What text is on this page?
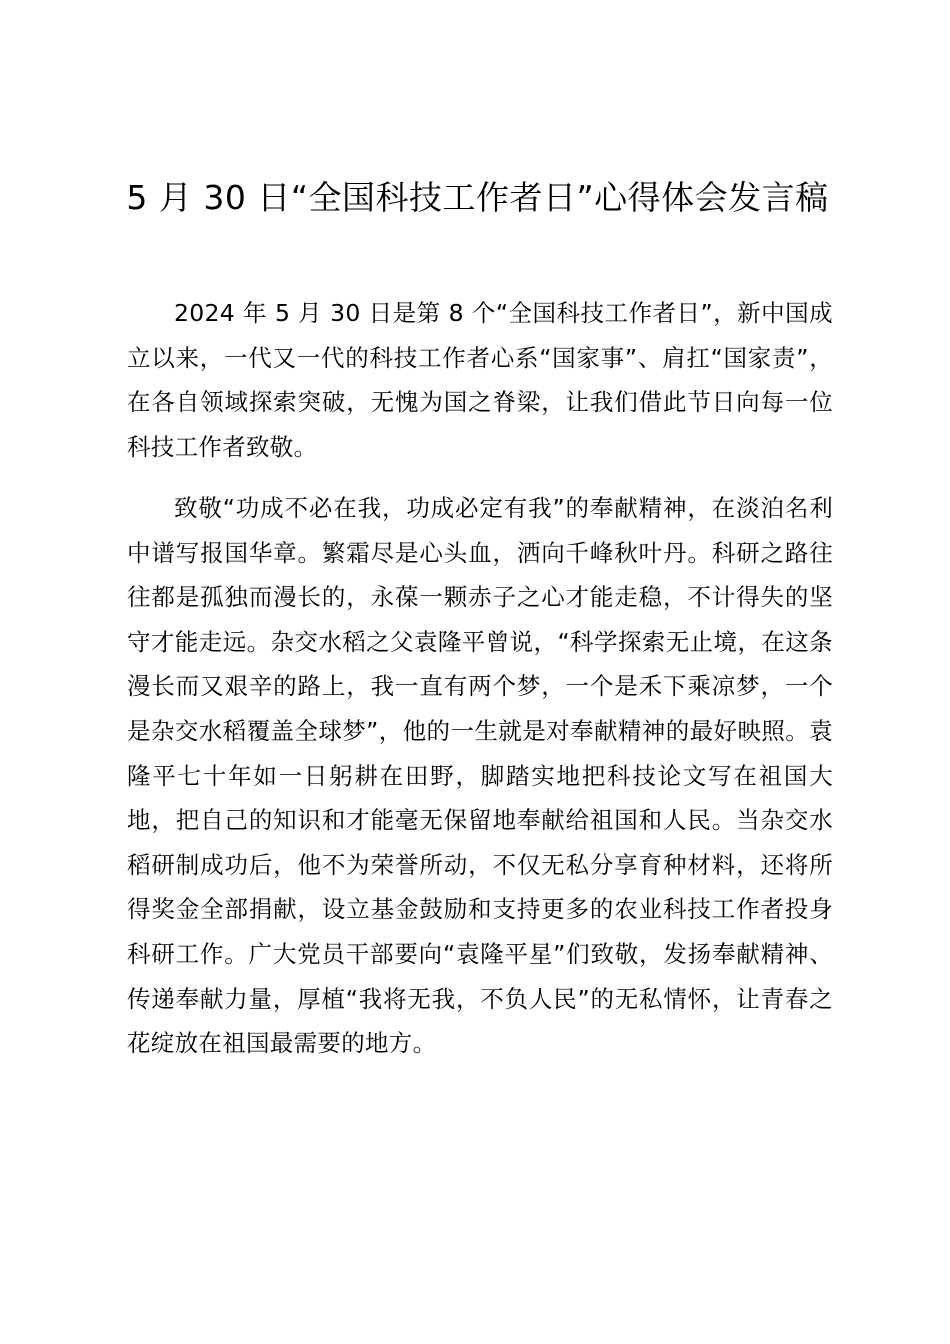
5 月 30 日“全国科技工作者日”心得体会发言稿

2024 年 5 月 30 日是第 8 个“全国科技工作者日”，新中国成立以来，一代又一代的科技工作者心系“国家事”、肩扛“国家责”，在各自领域探索突破，无愧为国之脊梁，让我们借此节日向每一位科技工作者致敬。

致敬“功成不必在我，功成必定有我”的奉献精神，在淡泊名利中谱写报国华章。繁霜尽是心头血，洒向千峰秋叶丹。科研之路往往都是孤独而漫长的，永葆一颗赤子之心才能走稳，不计得失的坚守才能走远。杂交水稻之父袁隆平曾说，“科学探索无止境，在这条漫长而又艰辛的路上，我一直有两个梦，一个是禾下乘凉梦，一个是杂交水稻覆盖全球梦”，他的一生就是对奉献精神的最好映照。袁隆平七十年如一日躬耕在田野，脚踏实地把科技论文写在祖国大地，把自己的知识和才能毫无保留地奉献给祖国和人民。当杂交水稻研制成功后，他不为荣誉所动，不仅无私分享育种材料，还将所得奖金全部捐献，设立基金鼓励和支持更多的农业科技工作者投身科研工作。广大党员干部要向“袁隆平星”们致敬，发扬奉献精神、传递奉献力量，厚植“我将无我，不负人民”的无私情怀，让青春之花绽放在祖国最需要的地方。
